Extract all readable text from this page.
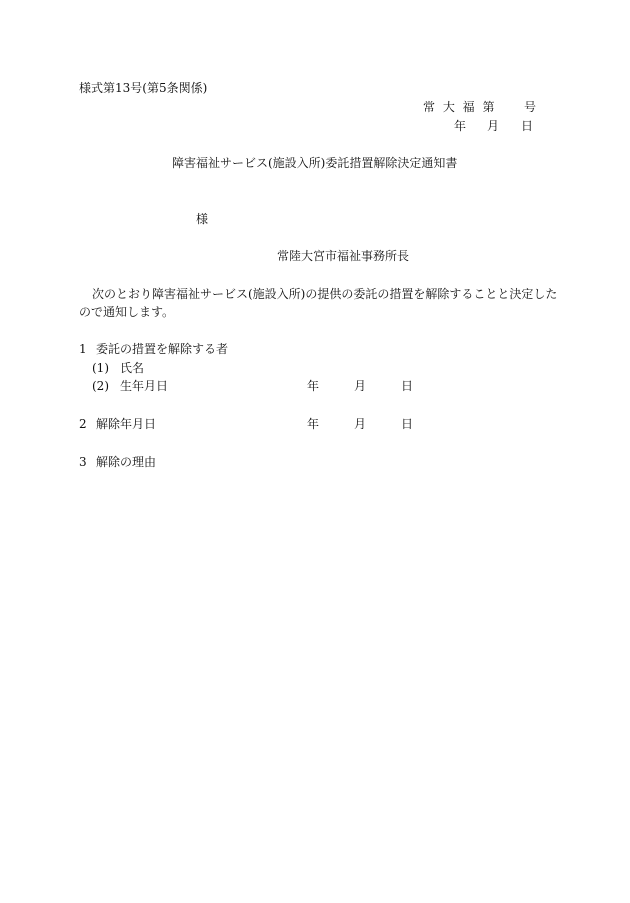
様式第13号(第5条関係)
常 大 福 第 号
年 月 日
障害福祉サービス(施設入所)委託措置解除決定通知書
様
常陸大宮市福祉事務所長
次のとおり障害福祉サービス(施設入所)の提供の委託の措置を解除することと決定した
ので通知します。
1 委託の措置を解除する者
(1) 氏名
(2) 生年月日	年	月	日
2 解除年月日	年	月	日
3 解除の理由
